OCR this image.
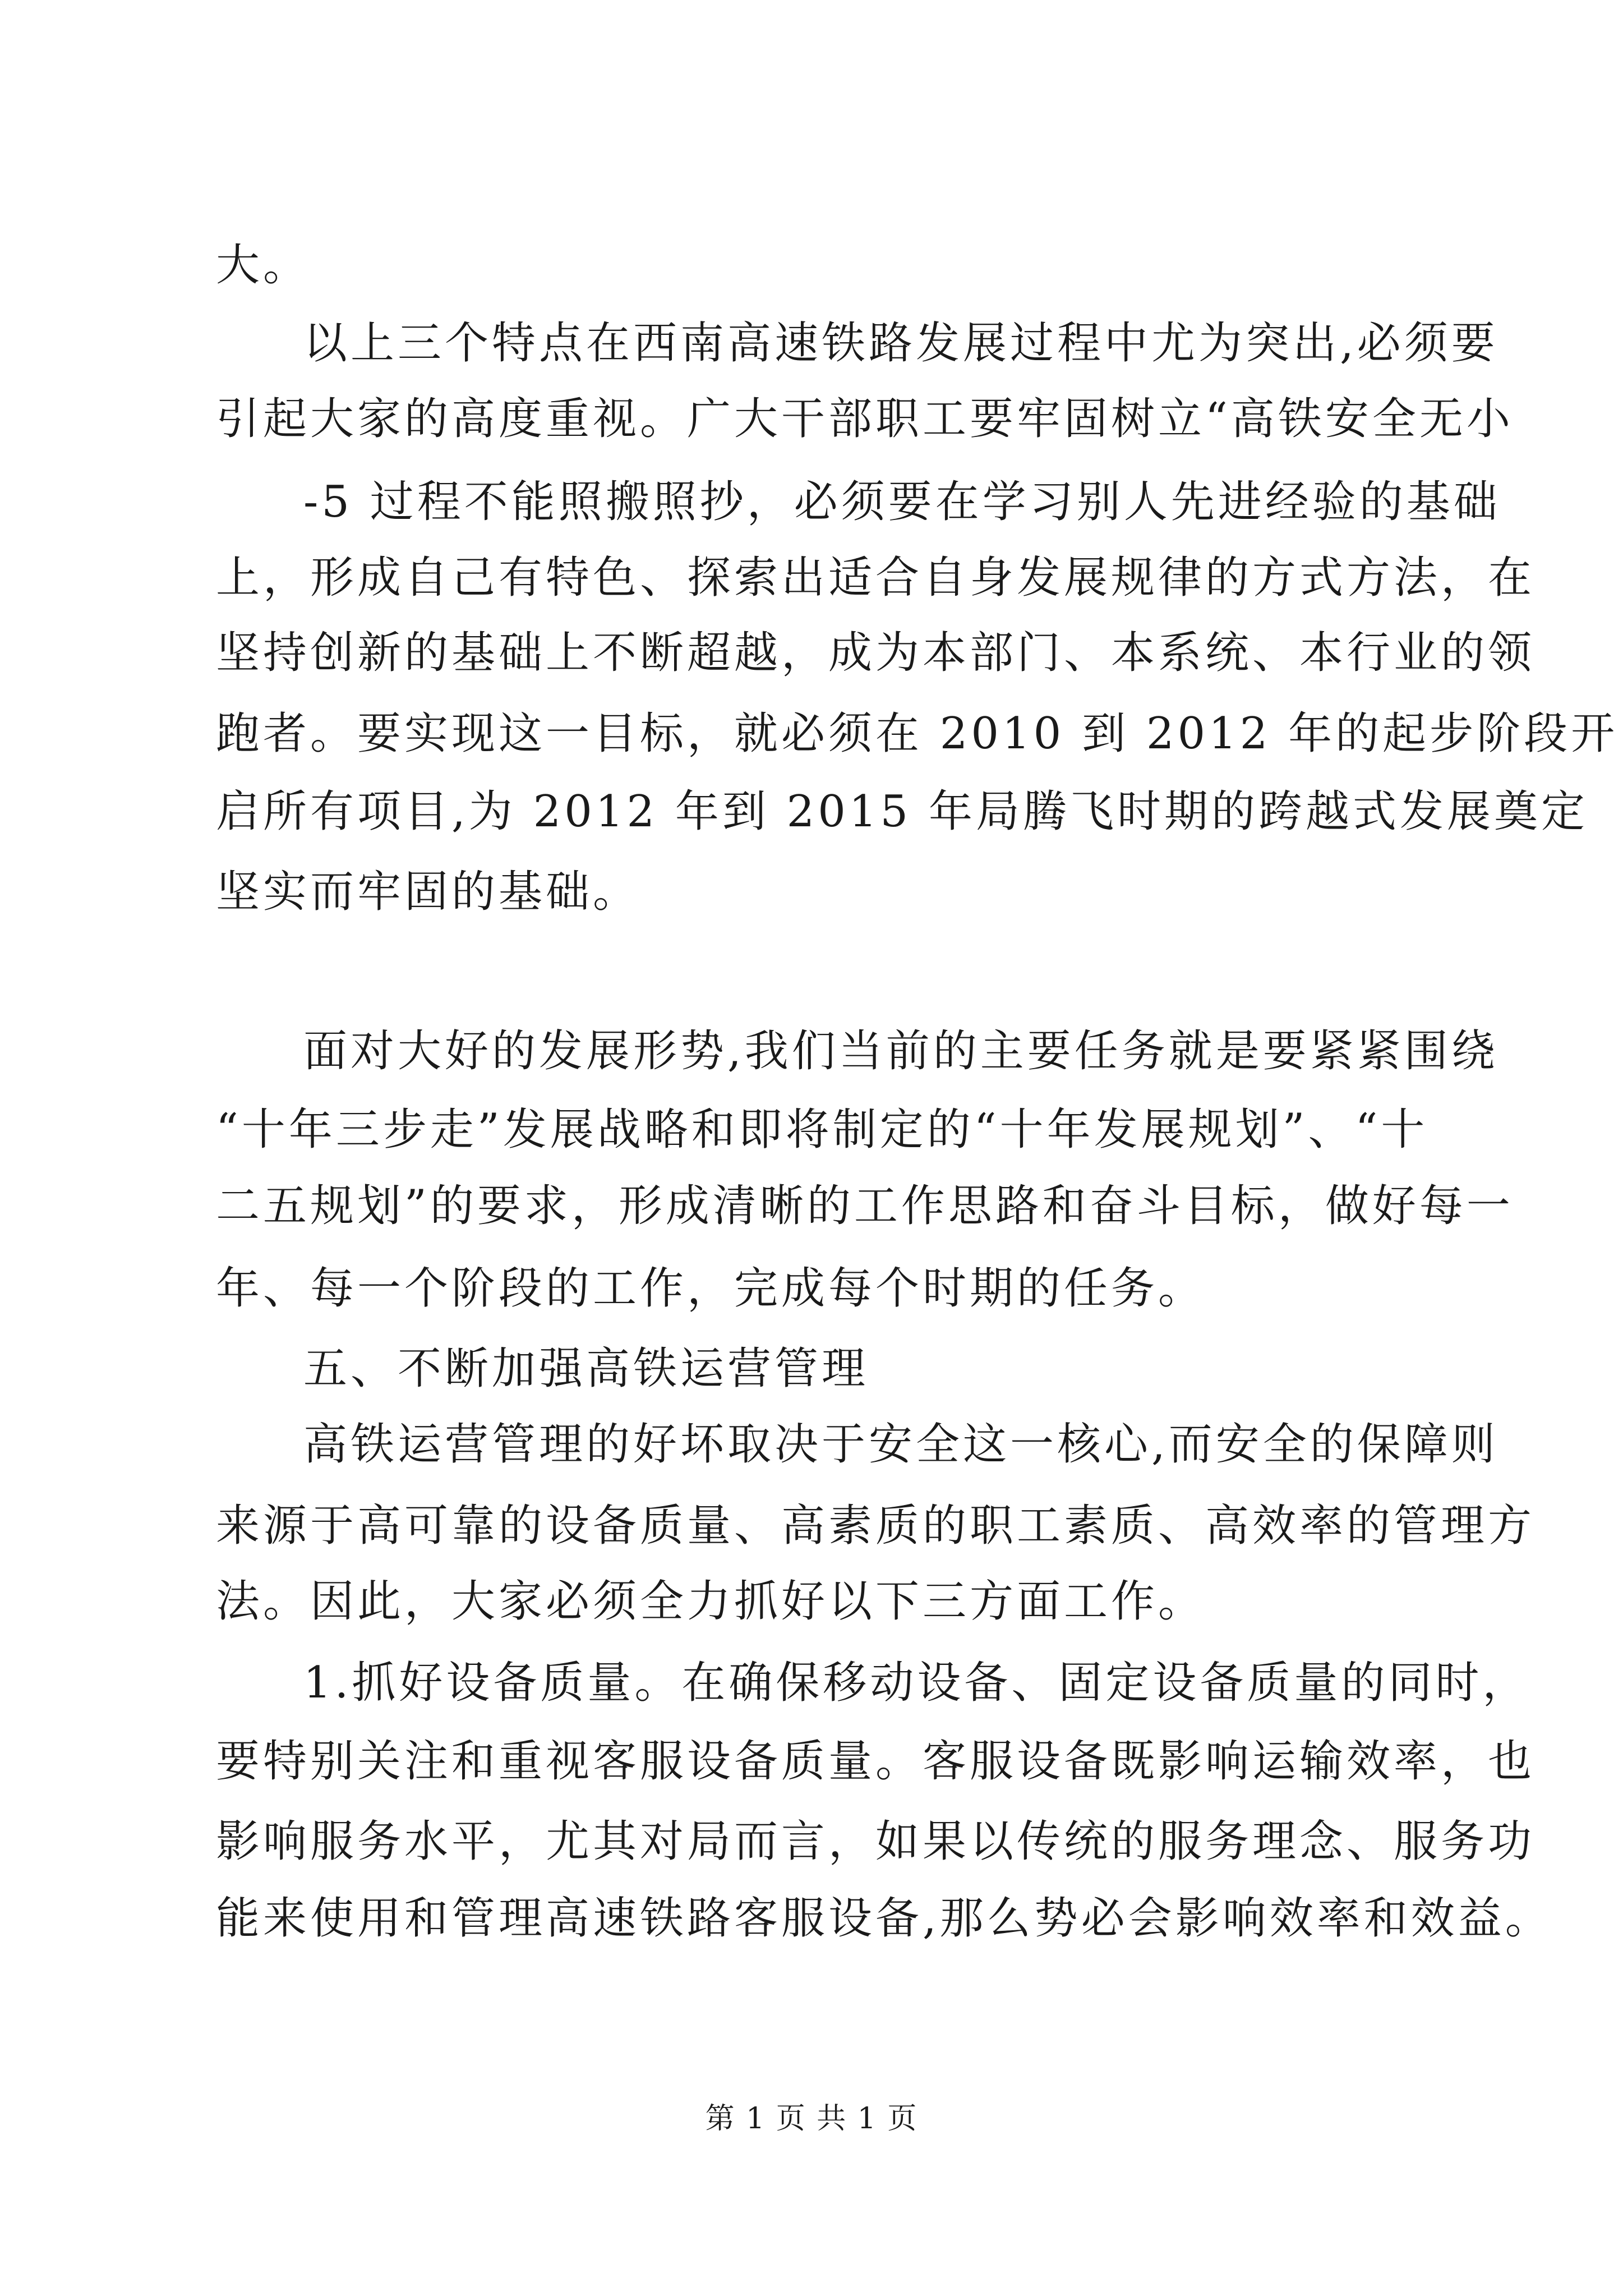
大。
以上三个特点在西南高速铁路发展过程中尤为突出,必须要
引起大家的高度重视。广大干部职工要牢固树立“高铁安全无小
-5 过程不能照搬照抄，必须要在学习别人先进经验的基础
上，形成自己有特色、探索出适合自身发展规律的方式方法，在
坚持创新的基础上不断超越，成为本部门、本系统、本行业的领
跑者。要实现这一目标，就必须在 2010 到 2012 年的起步阶段开
启所有项目,为 2012 年到 2015 年局腾飞时期的跨越式发展奠定
坚实而牢固的基础。
面对大好的发展形势,我们当前的主要任务就是要紧紧围绕
“十年三步走”发展战略和即将制定的“十年发展规划”、“十
二五规划”的要求，形成清晰的工作思路和奋斗目标，做好每一
年、每一个阶段的工作，完成每个时期的任务。
五、不断加强高铁运营管理
高铁运营管理的好坏取决于安全这一核心,而安全的保障则
来源于高可靠的设备质量、高素质的职工素质、高效率的管理方
法。因此，大家必须全力抓好以下三方面工作。
1.抓好设备质量。在确保移动设备、固定设备质量的同时，
要特别关注和重视客服设备质量。客服设备既影响运输效率，也
影响服务水平，尤其对局而言，如果以传统的服务理念、服务功
能来使用和管理高速铁路客服设备,那么势必会影响效率和效益。
第 1 页 共 1 页
